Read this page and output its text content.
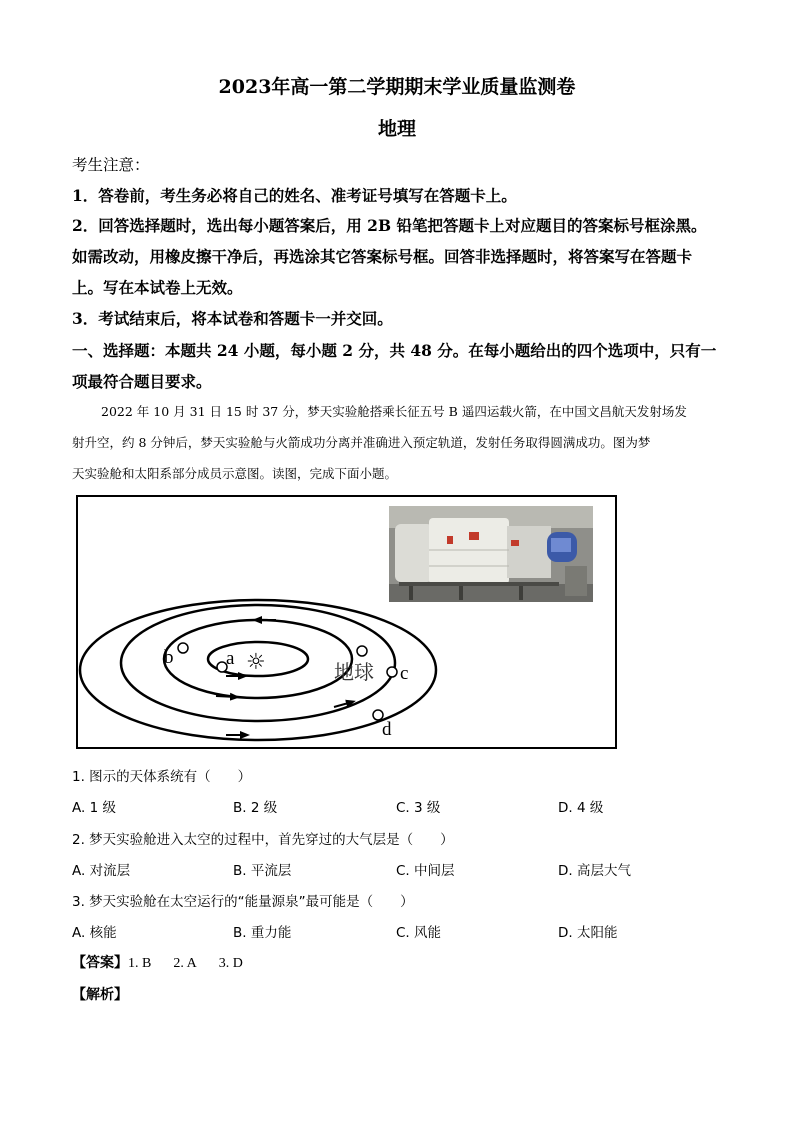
2023年高一第二学期期末学业质量监测卷
地理
考生注意：
1．答卷前，考生务必将自己的姓名、准考证号填写在答题卡上。
2．回答选择题时，选出每小题答案后，用 2B 铅笔把答题卡上对应题目的答案标号框涂黑。
如需改动，用橡皮擦干净后，再选涂其它答案标号框。回答非选择题时，将答案写在答题卡
上。写在本试卷上无效。
3．考试结束后，将本试卷和答题卡一并交回。
一、选择题：本题共 24 小题，每小题 2 分，共 48 分。在每小题给出的四个选项中，只有一
项最符合题目要求。
2022 年 10 月 31 日 15 时 37 分，梦天实验舱搭乘长征五号 B 遥四运载火箭，在中国文昌航天发射场发
射升空，约 8 分钟后，梦天实验舱与火箭成功分离并准确进入预定轨道，发射任务取得圆满成功。图为梦
天实验舱和太阳系部分成员示意图。读图，完成下面小题。
☼
a
b
地球 c
d
1. 图示的天体系统有（　　）
A. 1 级	B. 2 级	C. 3 级	D. 4 级
2. 梦天实验舱进入太空的过程中，首先穿过的大气层是（　　）
A. 对流层	B. 平流层	C. 中间层	D. 高层大气
3. 梦天实验舱在太空运行的“能量源泉”最可能是（　　）
A. 核能	B. 重力能	C. 风能	D. 太阳能
【答案】1. B 2. A 3. D
【解析】
